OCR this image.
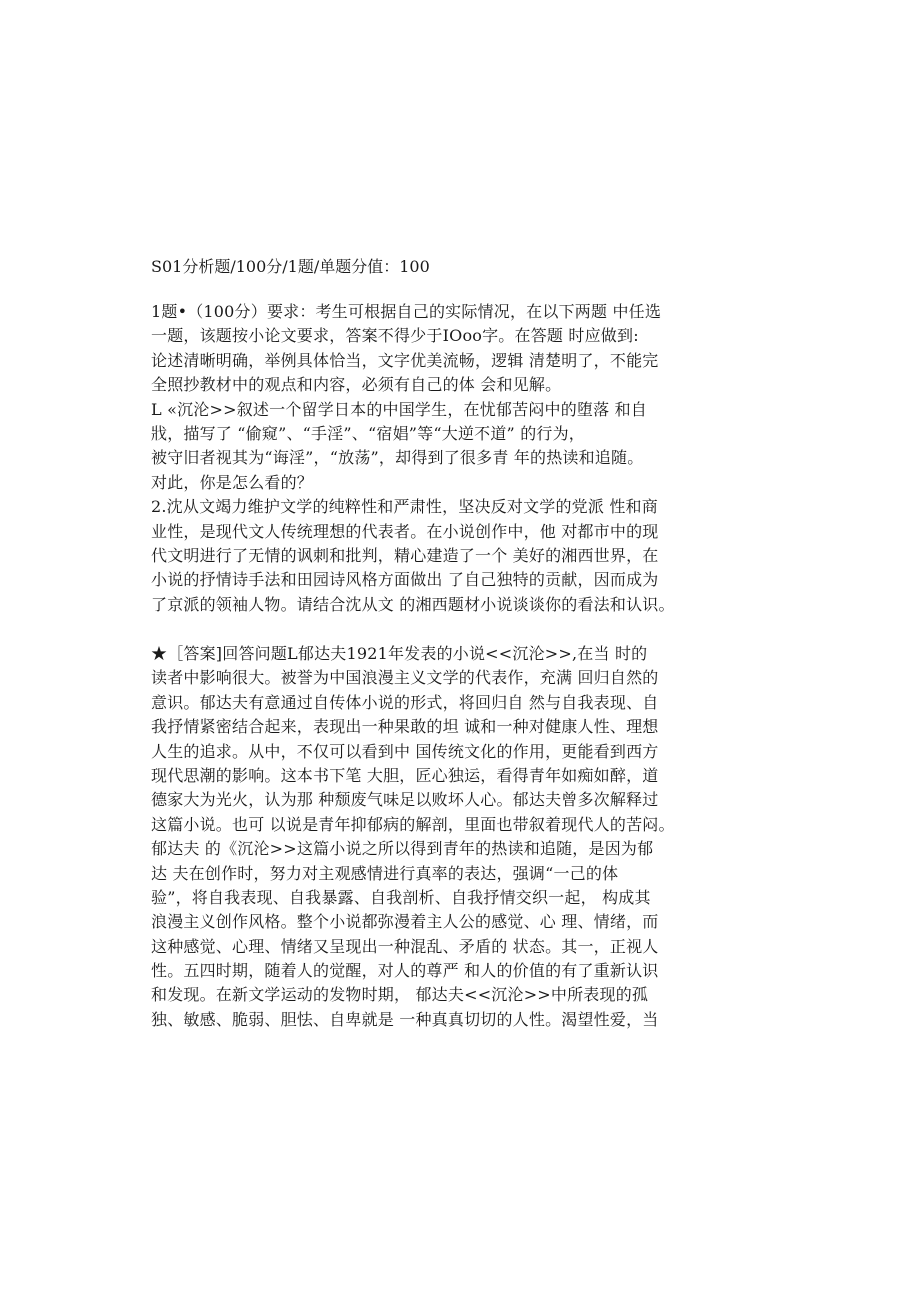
S01分析题/100分/1题/单题分值：100
1题•（100分）要求：考生可根据自己的实际情况，在以下两题 中任选
一题，该题按小论文要求，答案不得少于IOoo字。在答题 时应做到:
论述清晰明确，举例具体恰当，文字优美流畅，逻辑 清楚明了，不能完
全照抄教材中的观点和内容，必须有自己的体 会和见解。
L «沉沦>>叙述一个留学日本的中国学生，在忧郁苦闷中的堕落 和自
戕，描写了 “偷窥”、“手淫”、“宿娼”等“大逆不道” 的行为，
被守旧者视其为“诲淫”，“放荡”，却得到了很多青 年的热读和追随。
对此，你是怎么看的？
2.沈从文竭力维护文学的纯粹性和严肃性，坚决反对文学的党派 性和商
业性，是现代文人传统理想的代表者。在小说创作中，他 对都市中的现
代文明进行了无情的讽刺和批判，精心建造了一个 美好的湘西世界，在
小说的抒情诗手法和田园诗风格方面做出 了自己独特的贡献，因而成为
了京派的领袖人物。请结合沈从文 的湘西题材小说谈谈你的看法和认识。
★［答案]回答问题L郁达夫1921年发表的小说<<沉沦>>,在当 时的
读者中影响很大。被誉为中国浪漫主义文学的代表作，充满 回归自然的
意识。郁达夫有意通过自传体小说的形式，将回归自 然与自我表现、自
我抒情紧密结合起来，表现出一种果敢的坦 诚和一种对健康人性、理想
人生的追求。从中，不仅可以看到中 国传统文化的作用，更能看到西方
现代思潮的影响。这本书下笔 大胆，匠心独运，看得青年如痴如醉，道
德家大为光火，认为那 种颓废气味足以败坏人心。郁达夫曾多次解释过
这篇小说。也可 以说是青年抑郁病的解剖，里面也带叙着现代人的苦闷。
郁达夫 的《沉沦>>这篇小说之所以得到青年的热读和追随，是因为郁
达 夫在创作时，努力对主观感情进行真率的表达，强调“一己的体
验”，将自我表现、自我暴露、自我剖析、自我抒情交织一起， 构成其
浪漫主义创作风格。整个小说都弥漫着主人公的感觉、心 理、情绪，而
这种感觉、心理、情绪又呈现出一种混乱、矛盾的 状态。其一，正视人
性。五四时期，随着人的觉醒，对人的尊严 和人的价值的有了重新认识
和发现。在新文学运动的发物时期， 郁达夫<<沉沦>>中所表现的孤
独、敏感、脆弱、胆怯、自卑就是 一种真真切切的人性。渴望性爱，当
